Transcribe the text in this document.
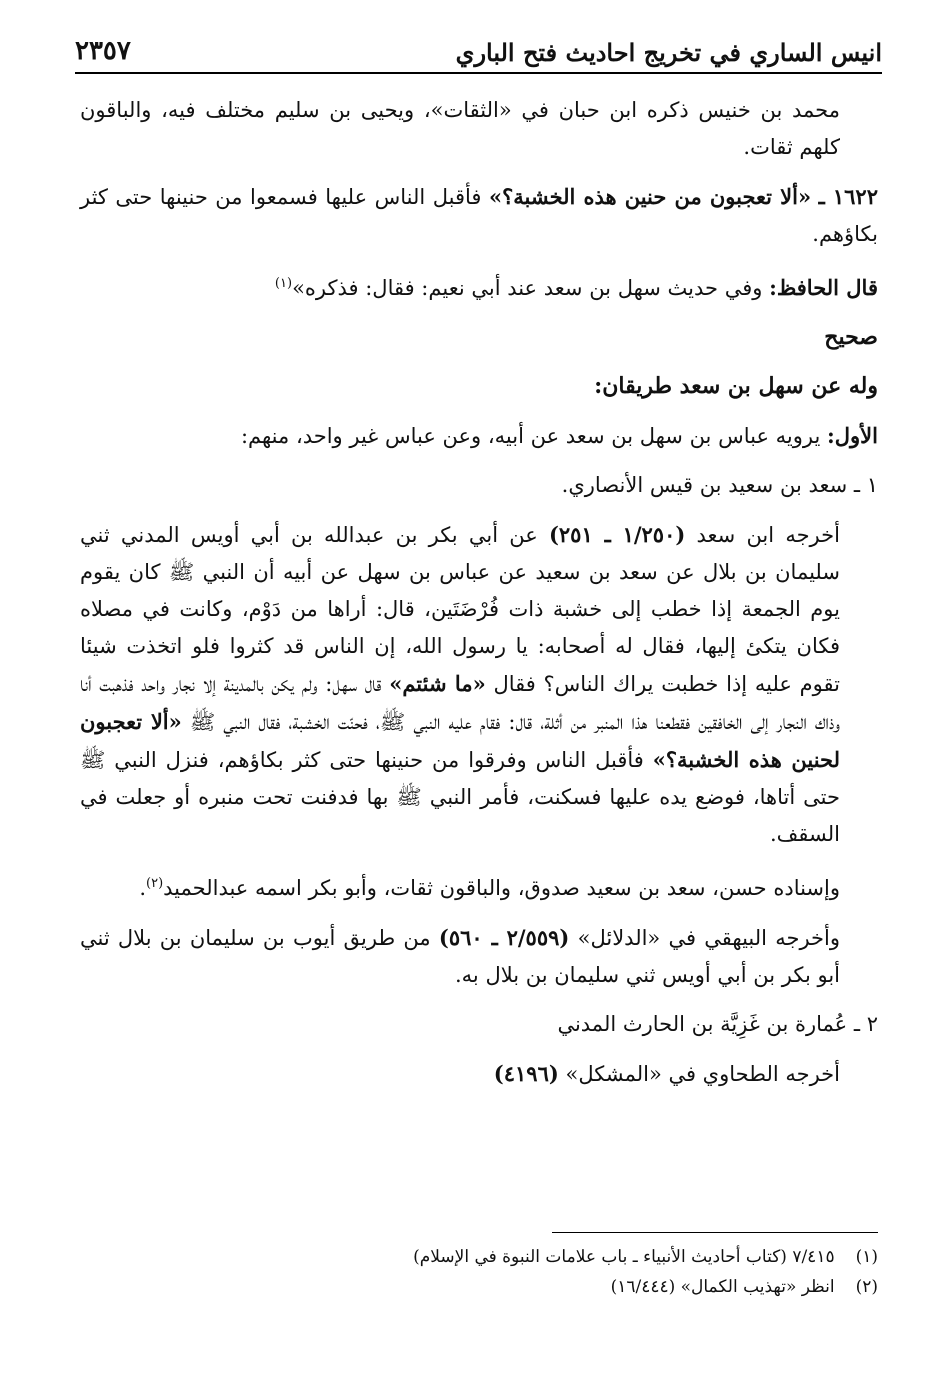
انيس الساري في تخريج احاديث فتح الباري
٢٣٥٧

محمد بن خنيس ذكره ابن حبان في «الثقات»، ويحيى بن سليم مختلف فيه، والباقون كلهم ثقات.

١٦٢٢ ـ «ألا تعجبون من حنين هذه الخشبة؟» فأقبل الناس عليها فسمعوا من حنينها حتى كثر بكاؤهم.

قال الحافظ: وفي حديث سهل بن سعد عند أبي نعيم: فقال: فذكره»$^{(١)}$

صحيح

وله عن سهل بن سعد طريقان:

الأول: يرويه عباس بن سهل بن سعد عن أبيه، وعن عباس غير واحد، منهم:

١ ـ سعد بن سعيد بن قيس الأنصاري.

أخرجه ابن سعد (١/٢٥٠ ـ ٢٥١) عن أبي بكر بن عبدالله بن أبي أويس المدني ثني سليمان بن بلال عن سعد بن سعيد عن عباس بن سهل عن أبيه أن النبي ﷺ كان يقوم يوم الجمعة إذا خطب إلى خشبة ذات فُرْضَتَين، قال: أراها من دَوْم، وكانت في مصلاه فكان يتكئ إليها، فقال له أصحابه: يا رسول الله، إن الناس قد كثروا فلو اتخذت شيئا تقوم عليه إذا خطبت يراك الناس؟ فقال «ما شئتم» قال سهل: ولم يكن بالمدينة إلا نجار واحد فذهبت أنا وذاك النجار إلى الخافقين فقطعنا هذا المنبر من أثلة، قال: فقام عليه النبي ﷺ، فحنّت الخشبة، فقال النبي ﷺ «ألا تعجبون لحنين هذه الخشبة؟» فأقبل الناس وفرقوا من حنينها حتى كثر بكاؤهم، فنزل النبي ﷺ حتى أتاها، فوضع يده عليها فسكنت، فأمر النبي ﷺ بها فدفنت تحت منبره أو جعلت في السقف.

وإسناده حسن، سعد بن سعيد صدوق، والباقون ثقات، وأبو بكر اسمه عبدالحميد$^{(٢)}$.

وأخرجه البيهقي في «الدلائل» (٢/٥٥٩ ـ ٥٦٠) من طريق أيوب بن سليمان بن بلال ثني أبو بكر بن أبي أويس ثني سليمان بن بلال به.

٢ ـ عُمارة بن غَزِيَّة بن الحارث المدني

أخرجه الطحاوي في «المشكل» (٤١٩٦)

(١) ٧/٤١٥ (كتاب أحاديث الأنبياء ـ باب علامات النبوة في الإسلام)

(٢) انظر «تهذيب الكمال» (١٦/٤٤٤)
